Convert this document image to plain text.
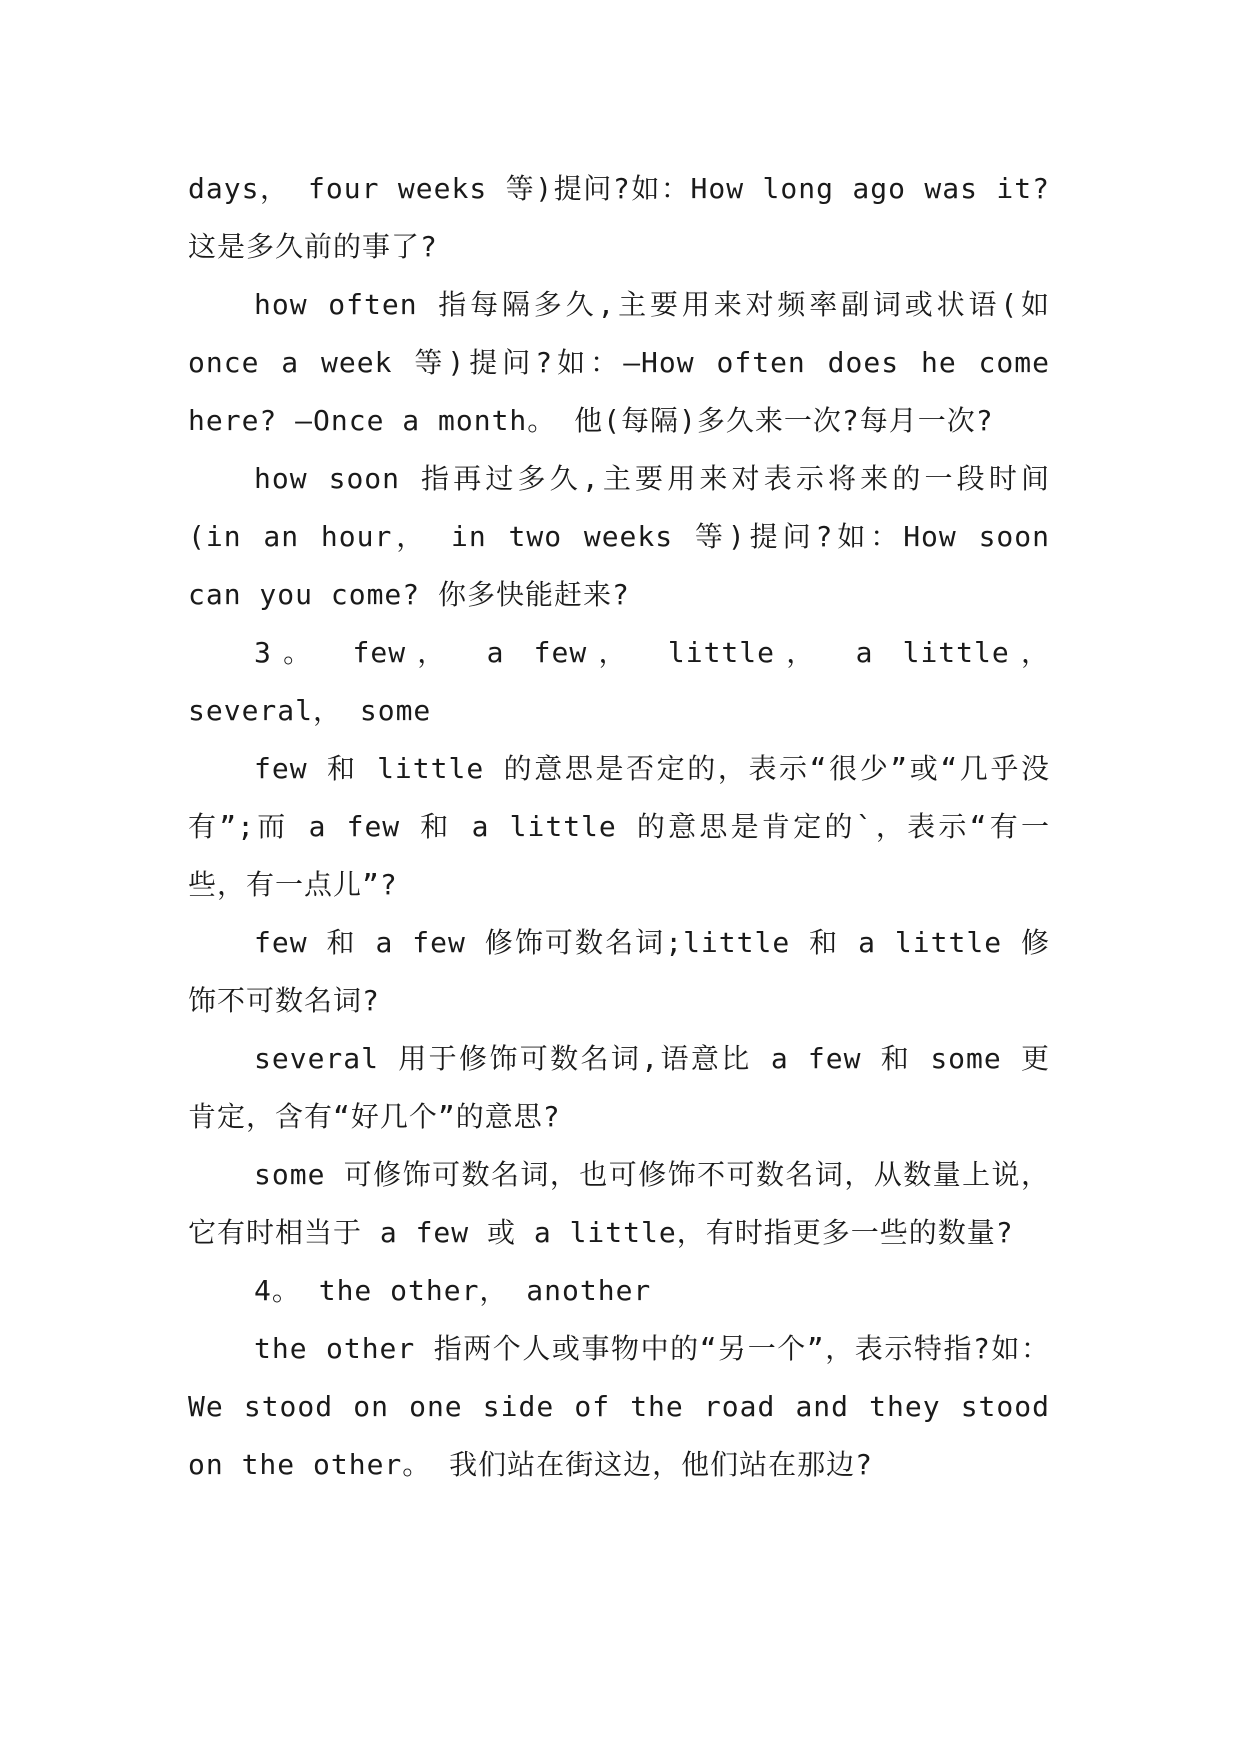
days， four weeks 等)提问?如：How long ago was it? 这是多久前的事了?

how often 指每隔多久,主要用来对频率副词或状语(如 once a week 等)提问?如：—How often does he come here? —Once a month。 他(每隔)多久来一次?每月一次?

how soon 指再过多久,主要用来对表示将来的一段时间 (in an hour， in two weeks 等)提问?如：How soon can you come? 你多快能赶来?

3。 few， a few， little， a little， several， some

few 和 little 的意思是否定的，表示“很少”或“几乎没有”;而 a few 和 a little 的意思是肯定的`，表示“有一些，有一点儿”?

few 和 a few 修饰可数名词;little 和 a little 修饰不可数名词?

several 用于修饰可数名词,语意比 a few 和 some 更肯定，含有“好几个”的意思?

some 可修饰可数名词，也可修饰不可数名词，从数量上说，它有时相当于 a few 或 a little，有时指更多一些的数量?

4。 the other， another

the other 指两个人或事物中的“另一个”，表示特指?如：We stood on one side of the road and they stood on the other。 我们站在街这边，他们站在那边?
